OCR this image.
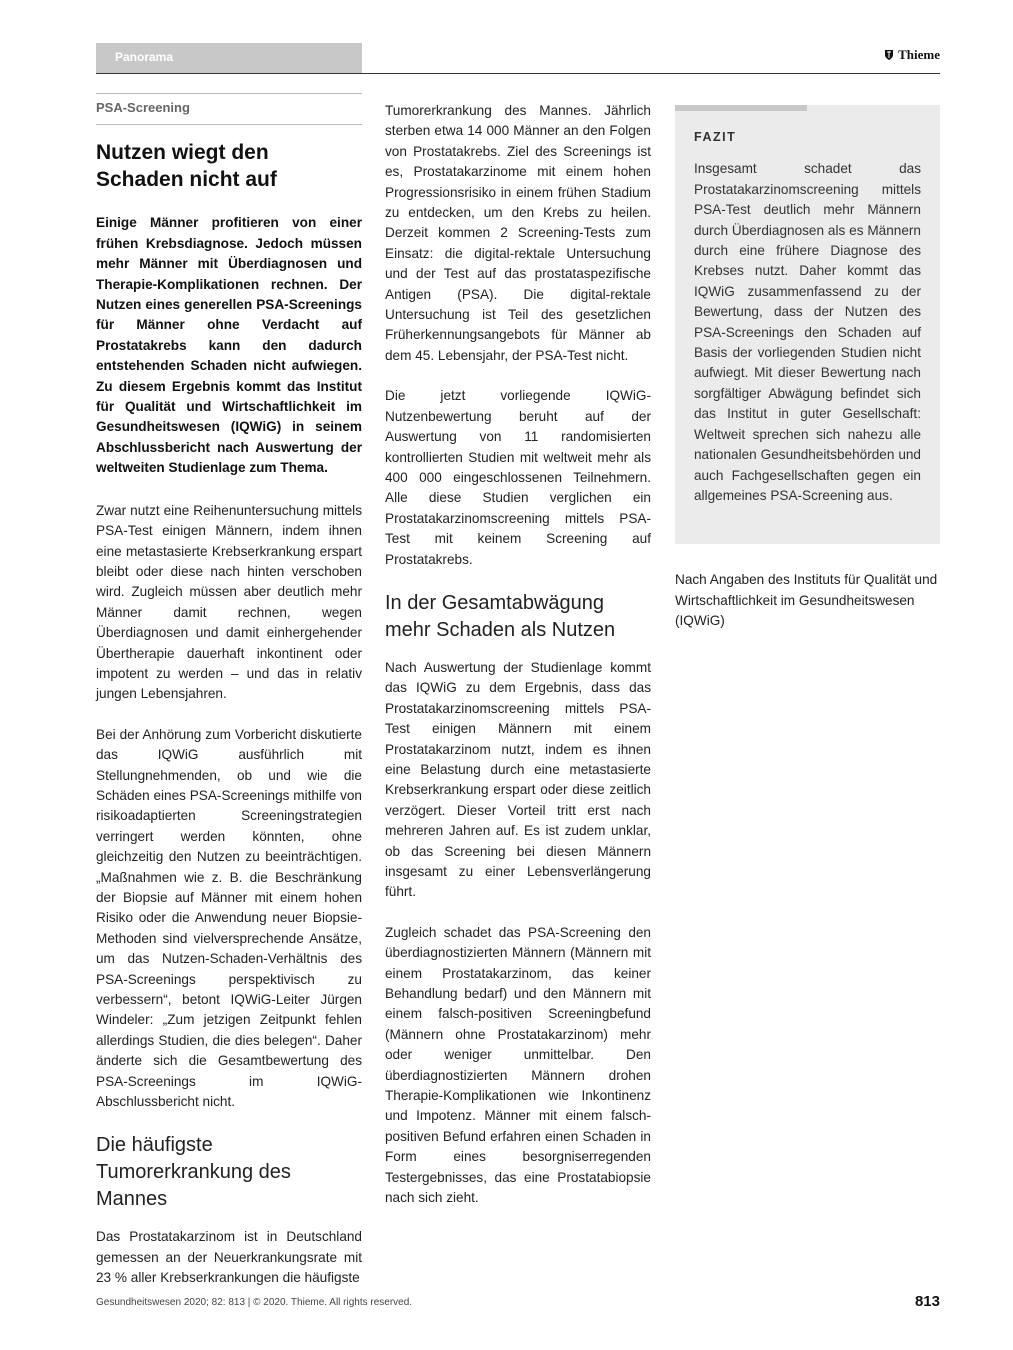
Panorama	Thieme
PSA-Screening
Nutzen wiegt den Schaden nicht auf

Einige Männer profitieren von einer frühen Krebsdiagnose. Jedoch müssen mehr Männer mit Überdiagnosen und Therapie-Komplikationen rechnen. Der Nutzen eines generellen PSA-Screenings für Männer ohne Verdacht auf Prostatakrebs kann den dadurch entstehenden Schaden nicht aufwiegen. Zu diesem Ergebnis kommt das Institut für Qualität und Wirtschaftlichkeit im Gesundheitswesen (IQWiG) in seinem Abschlussbericht nach Auswertung der weltweiten Studienlage zum Thema.

Zwar nutzt eine Reihenuntersuchung mittels PSA-Test einigen Männern, indem ihnen eine metastasierte Krebserkrankung erspart bleibt oder diese nach hinten verschoben wird. Zugleich müssen aber deutlich mehr Männer damit rechnen, wegen Überdiagnosen und damit einhergehender Übertherapie dauerhaft inkontinent oder impotent zu werden – und das in relativ jungen Lebensjahren.

Bei der Anhörung zum Vorbericht diskutierte das IQWiG ausführlich mit Stellungnehmenden, ob und wie die Schäden eines PSA-Screenings mithilfe von risikoadaptierten Screeningstrategien verringert werden könnten, ohne gleichzeitig den Nutzen zu beeinträchtigen. „Maßnahmen wie z. B. die Beschränkung der Biopsie auf Männer mit einem hohen Risiko oder die Anwendung neuer Biopsie-Methoden sind vielversprechende Ansätze, um das Nutzen-Schaden-Verhältnis des PSA-Screenings perspektivisch zu verbessern“, betont IQWiG-Leiter Jürgen Windeler: „Zum jetzigen Zeitpunkt fehlen allerdings Studien, die dies belegen“. Daher änderte sich die Gesamtbewertung des PSA-Screenings im IQWiG-Abschlussbericht nicht.

Die häufigste Tumorerkrankung des Mannes

Das Prostatakarzinom ist in Deutschland gemessen an der Neuerkrankungsrate mit 23 % aller Krebserkrankungen die häufigste

Tumorerkrankung des Mannes. Jährlich sterben etwa 14 000 Männer an den Folgen von Prostatakrebs. Ziel des Screenings ist es, Prostatakarzinome mit einem hohen Progressionsrisiko in einem frühen Stadium zu entdecken, um den Krebs zu heilen. Derzeit kommen 2 Screening-Tests zum Einsatz: die digital-rektale Untersuchung und der Test auf das prostataspezifische Antigen (PSA). Die digital-rektale Untersuchung ist Teil des gesetzlichen Früherkennungsangebots für Männer ab dem 45. Lebensjahr, der PSA-Test nicht.

Die jetzt vorliegende IQWiG-Nutzenbewertung beruht auf der Auswertung von 11 randomisierten kontrollierten Studien mit weltweit mehr als 400 000 eingeschlossenen Teilnehmern. Alle diese Studien verglichen ein Prostatakarzinomscreening mittels PSA-Test mit keinem Screening auf Prostatakrebs.

In der Gesamtabwägung mehr Schaden als Nutzen

Nach Auswertung der Studienlage kommt das IQWiG zu dem Ergebnis, dass das Prostatakarzinomscreening mittels PSA-Test einigen Männern mit einem Prostatakarzinom nutzt, indem es ihnen eine Belastung durch eine metastasierte Krebserkrankung erspart oder diese zeitlich verzögert. Dieser Vorteil tritt erst nach mehreren Jahren auf. Es ist zudem unklar, ob das Screening bei diesen Männern insgesamt zu einer Lebensverlängerung führt.

Zugleich schadet das PSA-Screening den überdiagnostizierten Männern (Männern mit einem Prostatakarzinom, das keiner Behandlung bedarf) und den Männern mit einem falsch-positiven Screeningbefund (Männern ohne Prostatakarzinom) mehr oder weniger unmittelbar. Den überdiagnostizierten Männern drohen Therapie-Komplikationen wie Inkontinenz und Impotenz. Männer mit einem falsch-positiven Befund erfahren einen Schaden in Form eines besorgniserregenden Testergebnisses, das eine Prostatabiopsie nach sich zieht.

FAZIT

Insgesamt schadet das Prostatakarzinomscreening mittels PSA-Test deutlich mehr Männern durch Überdiagnosen als es Männern durch eine frühere Diagnose des Krebses nutzt. Daher kommt das IQWiG zusammenfassend zu der Bewertung, dass der Nutzen des PSA-Screenings den Schaden auf Basis der vorliegenden Studien nicht aufwiegt. Mit dieser Bewertung nach sorgfältiger Abwägung befindet sich das Institut in guter Gesellschaft: Weltweit sprechen sich nahezu alle nationalen Gesundheitsbehörden und auch Fachgesellschaften gegen ein allgemeines PSA-Screening aus.

Nach Angaben des Instituts für Qualität und Wirtschaftlichkeit im Gesundheitswesen (IQWiG)

Gesundheitswesen 2020; 82: 813 | © 2020. Thieme. All rights reserved.	813
